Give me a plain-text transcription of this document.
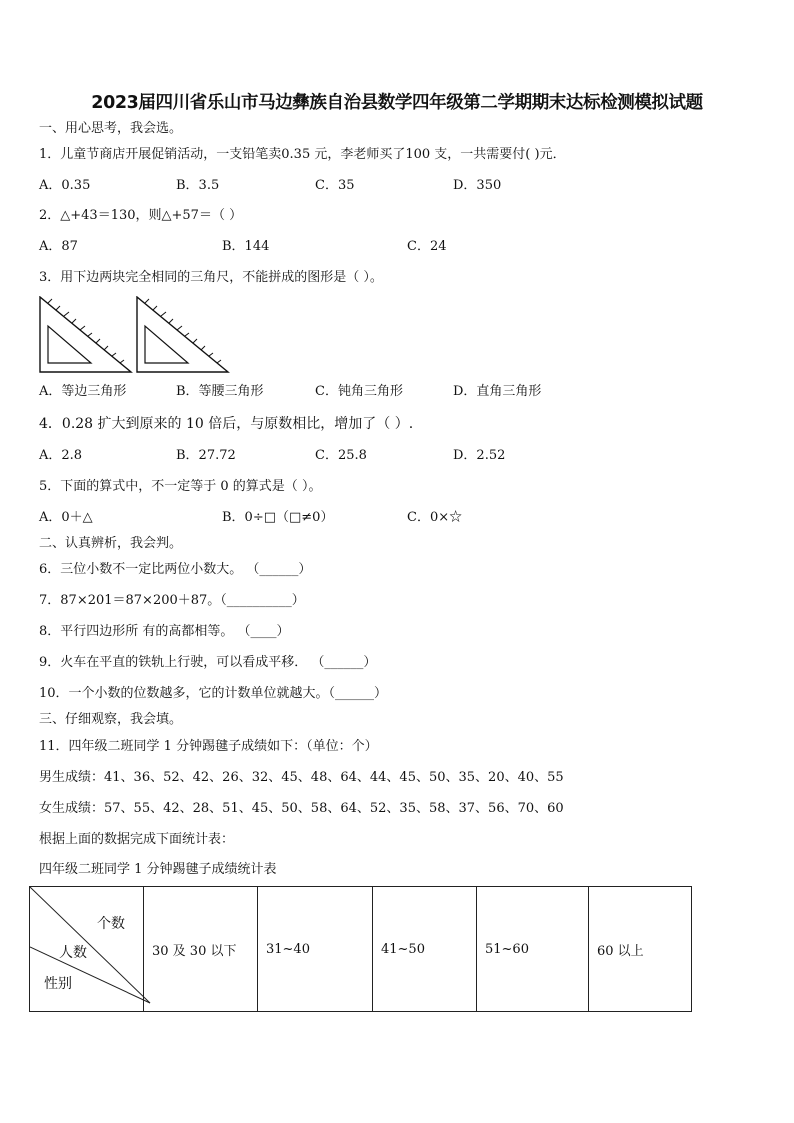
2023届四川省乐山市马边彝族自治县数学四年级第二学期期末达标检测模拟试题
一、用心思考，我会选。
1．儿童节商店开展促销活动，一支铅笔卖0.35 元，李老师买了100 支，一共需要付( )元．
A．0.35	B．3.5	C．35	D．350
2．△+43＝130，则△+57＝（ ）
A．87	B．144	C．24
3．用下边两块完全相同的三角尺，不能拼成的图形是（ ）。
A．等边三角形	B．等腰三角形	C．钝角三角形	D．直角三角形
4．0.28 扩大到原来的 10 倍后，与原数相比，增加了（ ）.
A．2.8	B．27.72	C．25.8	D．2.52
5．下面的算式中，不一定等于 0 的算式是（ ）。
A．0＋△	B．0÷□（□≠0）	C．0×☆
二、认真辨析，我会判。
6．三位小数不一定比两位小数大。 （______）
7．87×201＝87×200＋87。（__________）
8．平行四边形所 有的高都相等。 （____）
9．火车在平直的铁轨上行驶，可以看成平移． （______）
10．一个小数的位数越多，它的计数单位就越大。（______）
三、仔细观察，我会填。
11．四年级二班同学 1 分钟踢毽子成绩如下：（单位：个）
男生成绩：41、36、52、42、26、32、45、48、64、44、45、50、35、20、40、55
女生成绩：57、55、42、28、51、45、50、58、64、52、35、58、37、56、70、60
根据上面的数据完成下面统计表：
四年级二班同学 1 分钟踢毽子成绩统计表
个数
人数
性别
	30 及 30 以下	31~40	41~50	51~60	60 以上
